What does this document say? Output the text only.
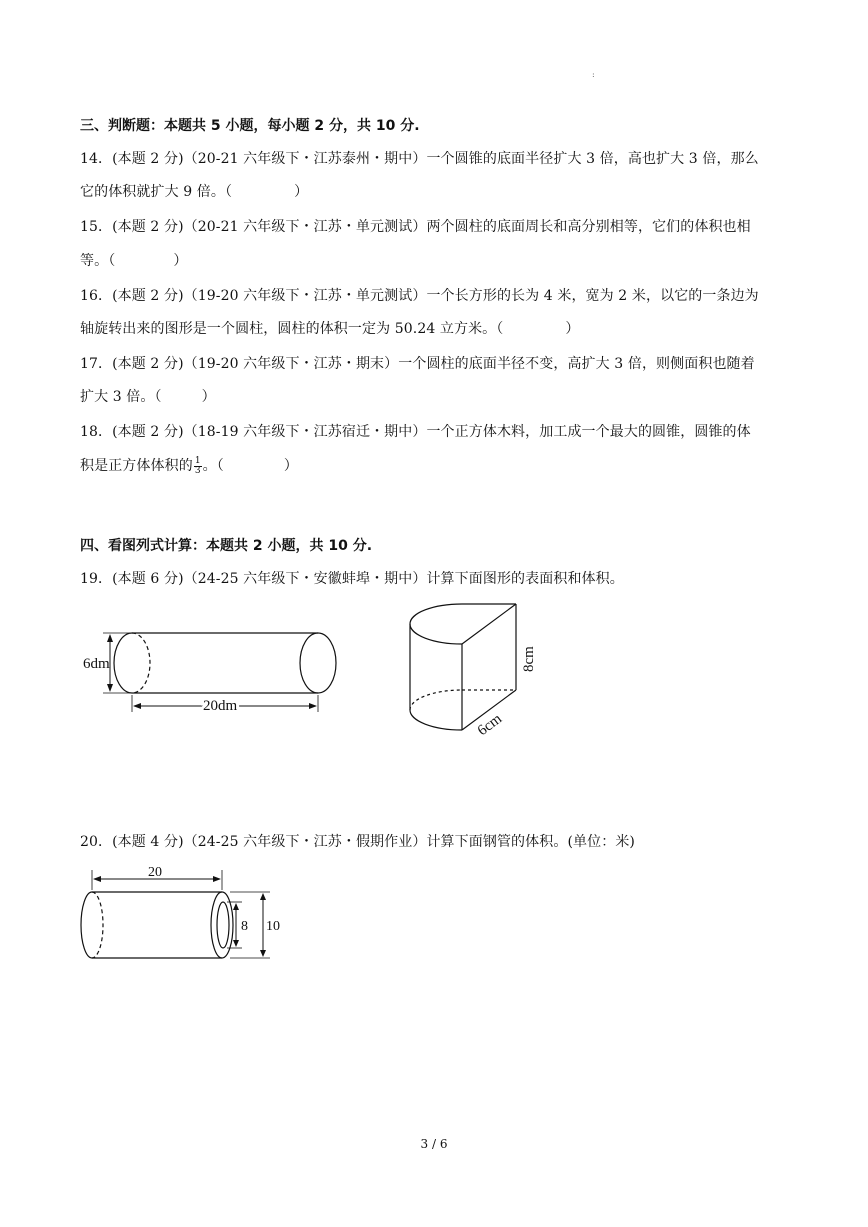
:
三、判断题：本题共 5 小题，每小题 2 分，共 10 分.
14．(本题 2 分)（20-21 六年级下・江苏泰州・期中）一个圆锥的底面半径扩大 3 倍，高也扩大 3 倍，那么
它的体积就扩大 9 倍。（	）
15．(本题 2 分)（20-21 六年级下・江苏・单元测试）两个圆柱的底面周长和高分别相等，它们的体积也相
等。（	）
16．(本题 2 分)（19-20 六年级下・江苏・单元测试）一个长方形的长为 4 米，宽为 2 米，以它的一条边为
轴旋转出来的图形是一个圆柱，圆柱的体积一定为 50.24 立方米。（	）
17．(本题 2 分)（19-20 六年级下・江苏・期末）一个圆柱的底面半径不变，高扩大 3 倍，则侧面积也随着
扩大 3 倍。（	）
18．(本题 2 分)（18-19 六年级下・江苏宿迁・期中）一个正方体木料，加工成一个最大的圆锥，圆锥的体
积是正方体体积的 $\frac{1}{3}$ 。（	）
四、看图列式计算：本题共 2 小题，共 10 分.
19．(本题 6 分)（24-25 六年级下・安徽蚌埠・期中）计算下面图形的表面积和体积。
6dm
20dm
8cm
6cm
20．(本题 4 分)（24-25 六年级下・江苏・假期作业）计算下面钢管的体积。(单位：米)
20
8 10
3 / 6
